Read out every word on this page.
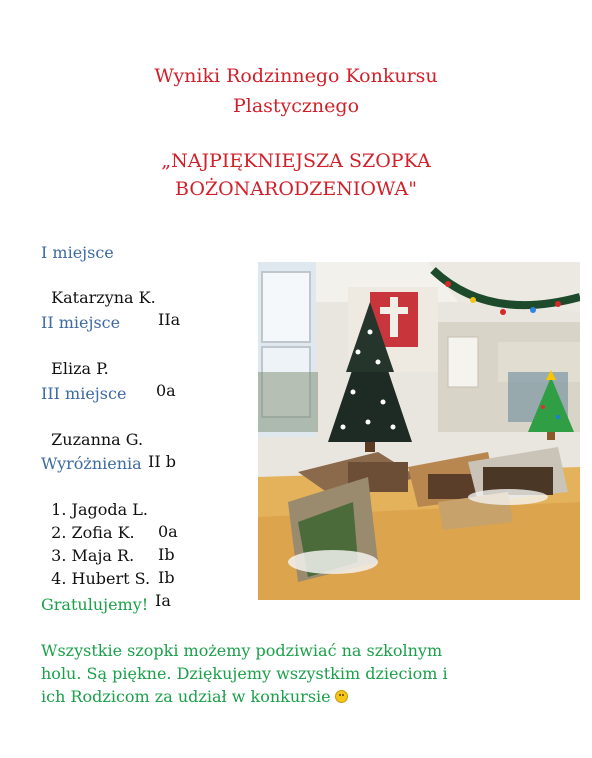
Wyniki Rodzinnego Konkursu
Plastycznego
„NAJPIĘKNIEJSZA SZOPKA
BOŻONARODZENIOWA"
I miejsce

Katarzyna K.

IIa

II miejsce

Eliza P.

0a

III miejsce

Zuzanna G.

II b

Wyróżnienia

1. Jagoda L.

0a

2. Zofia K.

Ib

3. Maja R.

Ib

4. Hubert S.

Ia

Gratulujemy!
Wszystkie szopki możemy podziwiać na szkolnym
holu. Są piękne. Dziękujemy wszystkim dzieciom i
ich Rodzicom za udział w konkursie
